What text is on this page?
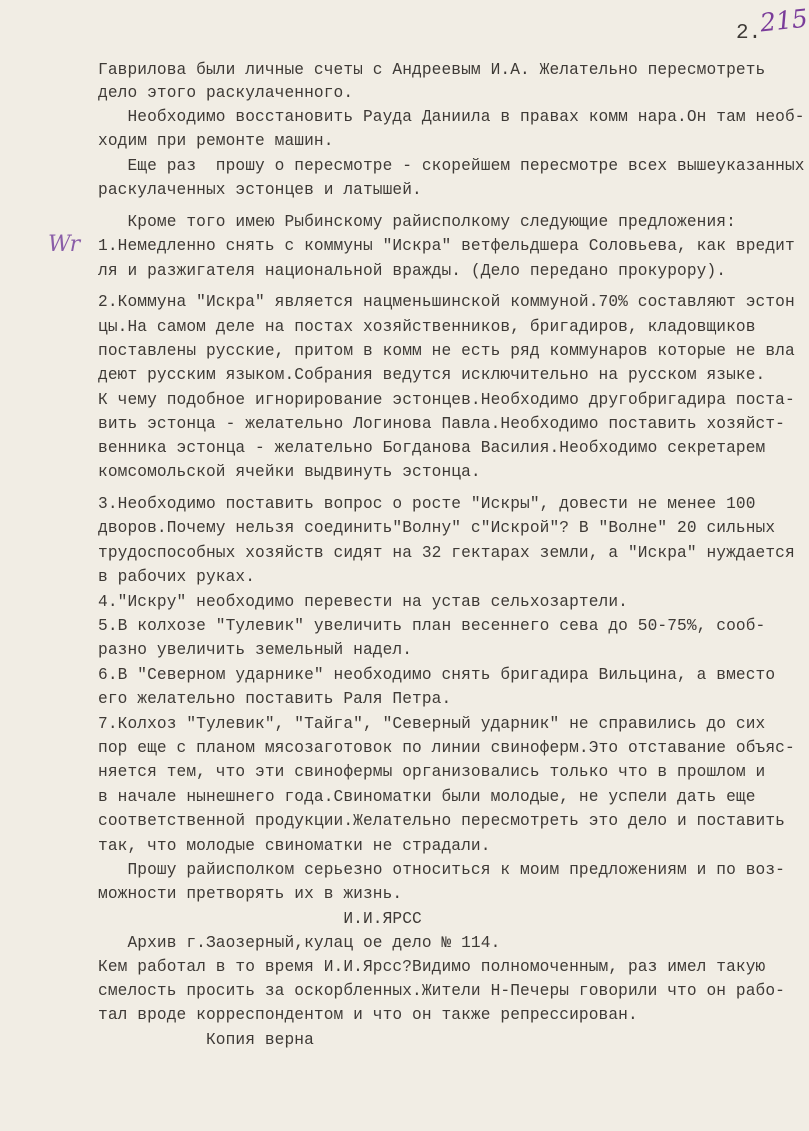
2.
215
Wr
Гаврилова были личные счеты с Андреевым И.А. Желательно пересмотреть
дело этого раскулаченного.
Необходимо восстановить Рауда Даниила в правах комм нара.Он там необ-
ходим при ремонте машин.
Еще раз  прошу о пересмотре - скорейшем пересмотре всех вышеуказанных
раскулаченных эстонцев и латышей.
Кроме того имею Рыбинскому райисполкому следующие предложения:
1.Немедленно снять с коммуны "Искра" ветфельдшера Соловьева, как вредит
ля и разжигателя национальной вражды. (Дело передано прокурору).
2.Коммуна "Искра" является нацменьшинской коммуной.70% составляют эстон
цы.На самом деле на постах хозяйственников, бригадиров, кладовщиков
поставлены русские, притом в комм не есть ряд коммунаров которые не вла
деют русским языком.Собрания ведутся исключительно на русском языке.
К чему подобное игнорирование эстонцев.Необходимо другобригадира поста-
вить эстонца - желательно Логинова Павла.Необходимо поставить хозяйст-
венника эстонца - желательно Богданова Василия.Необходимо секретарем
комсомольской ячейки выдвинуть эстонца.
3.Необходимо поставить вопрос о росте "Искры", довести не менее 100
дворов.Почему нельзя соединить"Волну" с"Искрой"? В "Волне" 20 сильных
трудоспособных хозяйств сидят на 32 гектарах земли, а "Искра" нуждается
в рабочих руках.
4."Искру" необходимо перевести на устав сельхозартели.
5.В колхозе "Тулевик" увеличить план весеннего сева до 50-75%, сооб-
разно увеличить земельный надел.
6.В "Северном ударнике" необходимо снять бригадира Вильцина, а вместо
его желательно поставить Раля Петра.
7.Колхоз "Тулевик", "Тайга", "Северный ударник" не справились до сих
пор еще с планом мясозаготовок по линии свиноферм.Это отставание объяс-
няется тем, что эти свинофермы организовались только что в прошлом и
в начале нынешнего года.Свиноматки были молодые, не успели дать еще
соответственной продукции.Желательно пересмотреть это дело и поставить
так, что молодые свиноматки не страдали.
Прошу райисполком серьезно относиться к моим предложениям и по воз-
можности претворять их в жизнь.
И.И.ЯРСС
Архив г.Заозерный,кулац ое дело № 114.
Кем работал в то время И.И.Ярсс?Видимо полномоченным, раз имел такую
смелость просить за оскорбленных.Жители Н-Печеры говорили что он рабо-
тал вроде корреспондентом и что он также репрессирован.
Копия верна
